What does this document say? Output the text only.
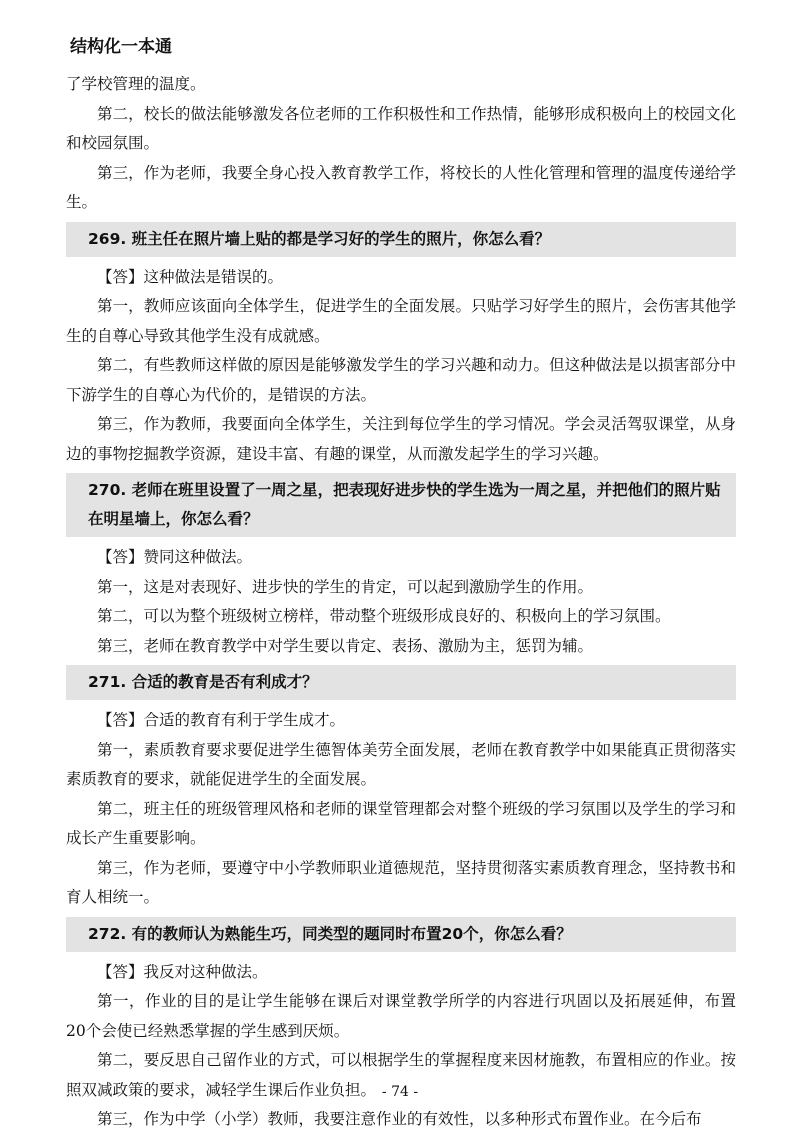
结构化一本通

了学校管理的温度。

第二，校长的做法能够激发各位老师的工作积极性和工作热情，能够形成积极向上的校园文化和校园氛围。

第三，作为老师，我要全身心投入教育教学工作，将校长的人性化管理和管理的温度传递给学生。

269. 班主任在照片墙上贴的都是学习好的学生的照片，你怎么看？

【答】这种做法是错误的。

第一，教师应该面向全体学生，促进学生的全面发展。只贴学习好学生的照片，会伤害其他学生的自尊心导致其他学生没有成就感。

第二，有些教师这样做的原因是能够激发学生的学习兴趣和动力。但这种做法是以损害部分中下游学生的自尊心为代价的，是错误的方法。

第三，作为教师，我要面向全体学生，关注到每位学生的学习情况。学会灵活驾驭课堂，从身边的事物挖掘教学资源，建设丰富、有趣的课堂，从而激发起学生的学习兴趣。

270. 老师在班里设置了一周之星，把表现好进步快的学生选为一周之星，并把他们的照片贴在明星墙上，你怎么看？

【答】赞同这种做法。

第一，这是对表现好、进步快的学生的肯定，可以起到激励学生的作用。

第二，可以为整个班级树立榜样，带动整个班级形成良好的、积极向上的学习氛围。

第三，老师在教育教学中对学生要以肯定、表扬、激励为主，惩罚为辅。

271. 合适的教育是否有利成才？

【答】合适的教育有利于学生成才。

第一，素质教育要求要促进学生德智体美劳全面发展，老师在教育教学中如果能真正贯彻落实素质教育的要求，就能促进学生的全面发展。

第二，班主任的班级管理风格和老师的课堂管理都会对整个班级的学习氛围以及学生的学习和成长产生重要影响。

第三，作为老师，要遵守中小学教师职业道德规范，坚持贯彻落实素质教育理念，坚持教书和育人相统一。

272. 有的教师认为熟能生巧，同类型的题同时布置20个，你怎么看？

【答】我反对这种做法。

第一，作业的目的是让学生能够在课后对课堂教学所学的内容进行巩固以及拓展延伸，布置20个会使已经熟悉掌握的学生感到厌烦。

第二，要反思自己留作业的方式，可以根据学生的掌握程度来因材施教，布置相应的作业。按照双减政策的要求，减轻学生课后作业负担。

第三，作为中学（小学）教师，我要注意作业的有效性，以多种形式布置作业。在今后布

- 74 -
